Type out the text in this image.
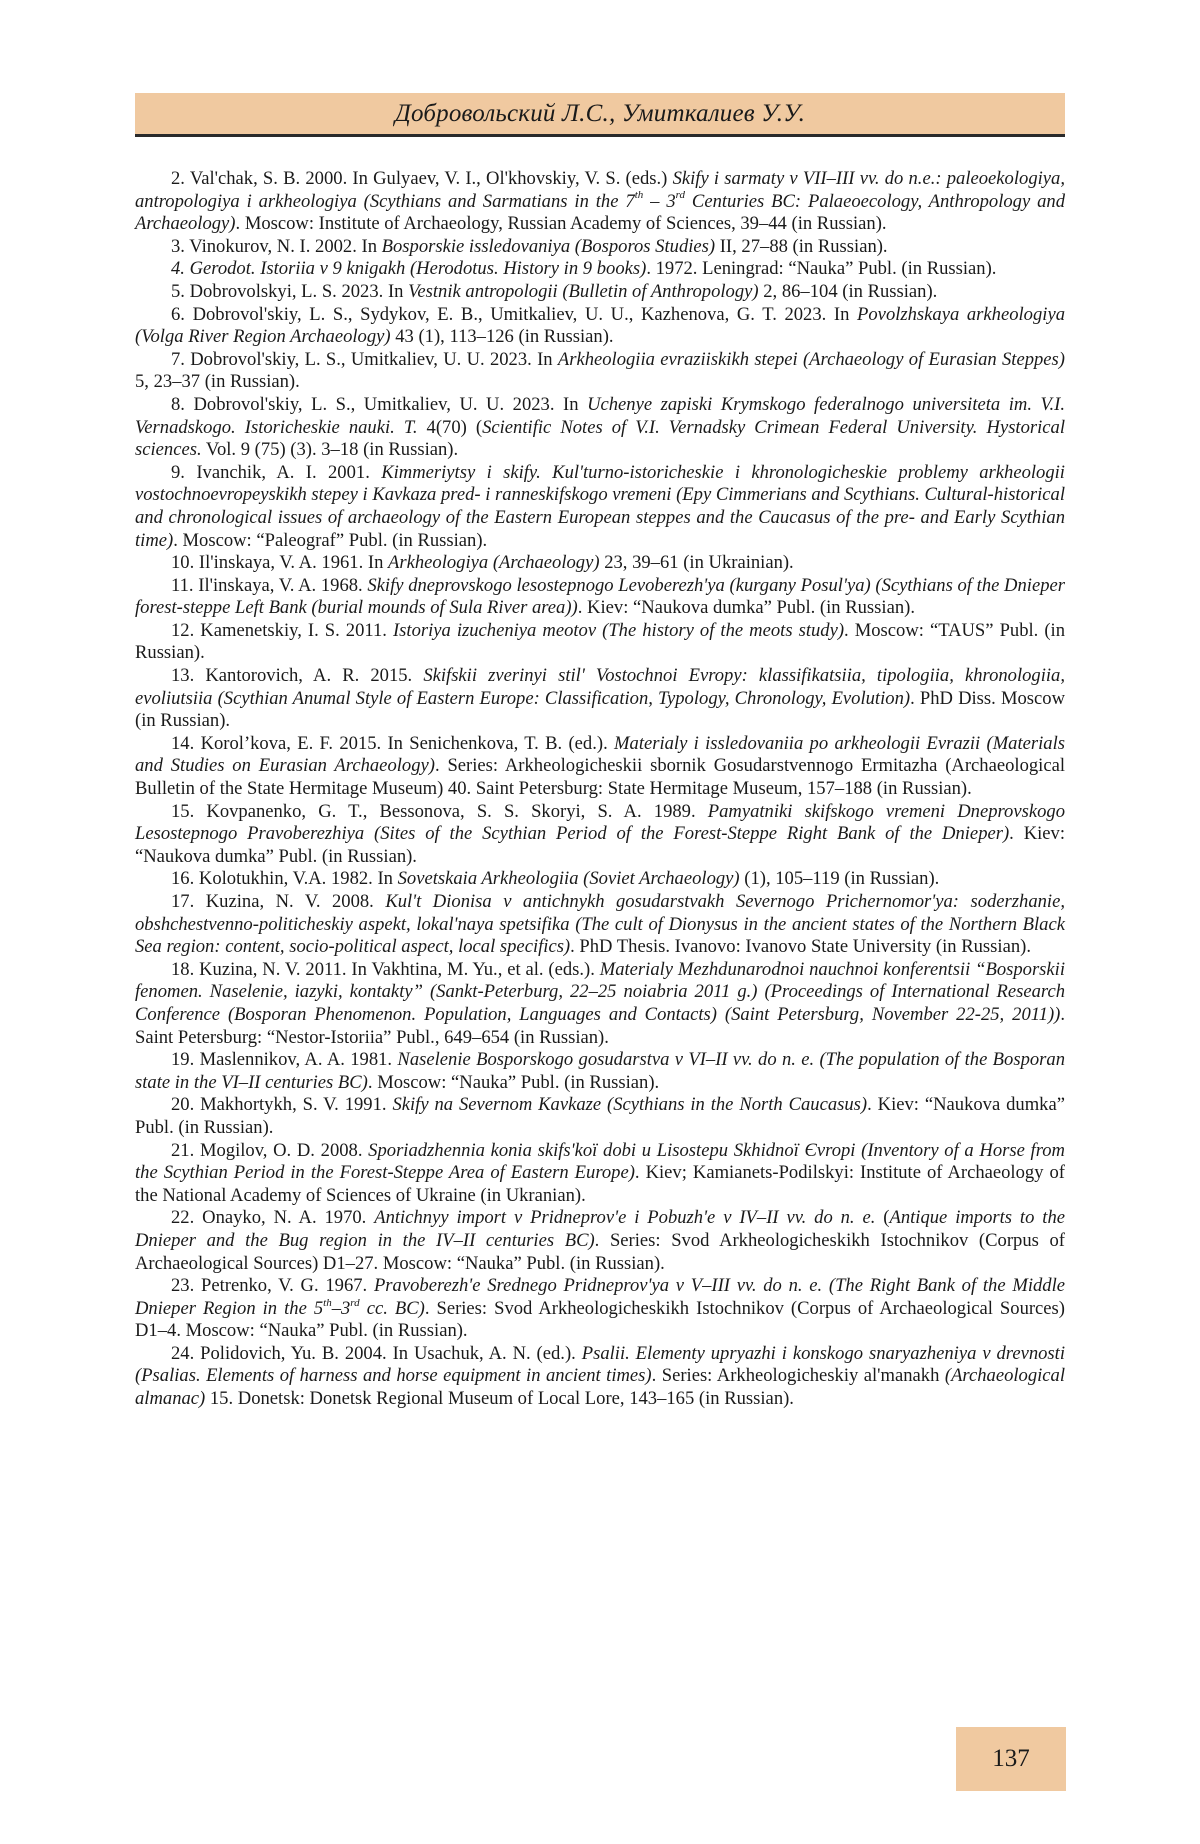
Добровольский Л.С., Умиткалиев У.У.

2. Val'chak, S. B. 2000. In Gulyaev, V. I., Ol'khovskiy, V. S. (eds.) Skify i sarmaty v VII–III vv. do n.e.: paleoekologiya, antropologiya i arkheologiya (Scythians and Sarmatians in the 7th – 3rd Centuries BC: Palaeoecology, Anthropology and Archaeology). Moscow: Institute of Archaeology, Russian Academy of Sciences, 39–44 (in Russian).

3. Vinokurov, N. I. 2002. In Bosporskie issledovaniya (Bosporos Studies) II, 27–88 (in Russian).

4. Gerodot. Istoriia v 9 knigakh (Herodotus. History in 9 books). 1972. Leningrad: “Nauka” Publ. (in Russian).

5. Dobrovolskyi, L. S. 2023. In Vestnik antropologii (Bulletin of Anthropology) 2, 86–104 (in Russian).

6. Dobrovol'skiy, L. S., Sydykov, E. B., Umitkaliev, U. U., Kazhenova, G. T. 2023. In Povolzhskaya arkheologiya (Volga River Region Archaeology) 43 (1), 113–126 (in Russian).

7. Dobrovol'skiy, L. S., Umitkaliev, U. U. 2023. In Arkheologiia evraziiskikh stepei (Archaeology of Eurasian Steppes) 5, 23–37 (in Russian).

8. Dobrovol'skiy, L. S., Umitkaliev, U. U. 2023. In Uchenye zapiski Krymskogo federalnogo universiteta im. V.I. Vernadskogo. Istoricheskie nauki. T. 4(70) (Scientific Notes of V.I. Vernadsky Crimean Federal University. Hystorical sciences. Vol. 9 (75) (3). 3–18 (in Russian).

9. Ivanchik, A. I. 2001. Kimmeriytsy i skify. Kul'turno-istoricheskie i khronologicheskie problemy arkheologii vostochnoevropeyskikh stepey i Kavkaza pred- i ranneskifskogo vremeni (Epy Cimmerians and Scythians. Cultural-historical and chronological issues of archaeology of the Eastern European steppes and the Caucasus of the pre- and Early Scythian time). Moscow: “Paleograf” Publ. (in Russian).

10. Il'inskaya, V. A. 1961. In Arkheologiya (Archaeology) 23, 39–61 (in Ukrainian).

11. Il'inskaya, V. A. 1968. Skify dneprovskogo lesostepnogo Levoberezh'ya (kurgany Posul'ya) (Scythians of the Dnieper forest-steppe Left Bank (burial mounds of Sula River area)). Kiev: “Naukova dumka” Publ. (in Russian).

12. Kamenetskiy, I. S. 2011. Istoriya izucheniya meotov (The history of the meots study). Moscow: “TAUS” Publ. (in Russian).

13. Kantorovich, A. R. 2015. Skifskii zverinyi stil' Vostochnoi Evropy: klassifikatsiia, tipologiia, khronologiia, evoliutsiia (Scythian Anumal Style of Eastern Europe: Classification, Typology, Chronology, Evolution). PhD Diss. Moscow (in Russian).

14. Korol’kova, E. F. 2015. In Senichenkova, T. B. (ed.). Materialy i issledovaniia po arkheologii Evrazii (Materials and Studies on Eurasian Archaeology). Series: Arkheologicheskii sbornik Gosudarstvennogo Ermitazha (Archaeological Bulletin of the State Hermitage Museum) 40. Saint Petersburg: State Hermitage Museum, 157–188 (in Russian).

15. Kovpanenko, G. T., Bessonova, S. S. Skoryi, S. A. 1989. Pamyatniki skifskogo vremeni Dneprovskogo Lesostepnogo Pravoberezhiya (Sites of the Scythian Period of the Forest-Steppe Right Bank of the Dnieper). Kiev: “Naukova dumka” Publ. (in Russian).

16. Kolotukhin, V.A. 1982. In Sovetskaia Arkheologiia (Soviet Archaeology) (1), 105–119 (in Russian).

17. Kuzina, N. V. 2008. Kul't Dionisa v antichnykh gosudarstvakh Severnogo Prichernomor'ya: soderzhanie, obshchestvenno-politicheskiy aspekt, lokal'naya spetsifika (The cult of Dionysus in the ancient states of the Northern Black Sea region: content, socio-political aspect, local specifics). PhD Thesis. Ivanovo: Ivanovo State University (in Russian).

18. Kuzina, N. V. 2011. In Vakhtina, M. Yu., et al. (eds.). Materialy Mezhdunarodnoi nauchnoi konferentsii “Bosporskii fenomen. Naselenie, iazyki, kontakty” (Sankt-Peterburg, 22–25 noiabria 2011 g.) (Proceedings of International Research Conference (Bosporan Phenomenon. Population, Languages and Contacts) (Saint Petersburg, November 22-25, 2011)). Saint Petersburg: “Nestor-Istoriia” Publ., 649–654 (in Russian).

19. Maslennikov, A. A. 1981. Naselenie Bosporskogo gosudarstva v VI–II vv. do n. e. (The population of the Bosporan state in the VI–II centuries BC). Moscow: “Nauka” Publ. (in Russian).

20. Makhortykh, S. V. 1991. Skify na Severnom Kavkaze (Scythians in the North Caucasus). Kiev: “Naukova dumka” Publ. (in Russian).

21. Mogilov, O. D. 2008. Sporiadzhennia konia skifs'koï dobi u Lisostepu Skhidnoï Єvropi (Inventory of a Horse from the Scythian Period in the Forest-Steppe Area of Eastern Europe). Kiev; Kamianets-Podilskyi: Institute of Archaeology of the National Academy of Sciences of Ukraine (in Ukranian).

22. Onayko, N. A. 1970. Antichnyy import v Pridneprov'e i Pobuzh'e v IV–II vv. do n. e. (Antique imports to the Dnieper and the Bug region in the IV–II centuries BC). Series: Svod Arkheologicheskikh Istochnikov (Corpus of Archaeological Sources) D1–27. Moscow: “Nauka” Publ. (in Russian).

23. Petrenko, V. G. 1967. Pravoberezh'e Srednego Pridneprov'ya v V–III vv. do n. e. (The Right Bank of the Middle Dnieper Region in the 5th–3rd cc. BC). Series: Svod Arkheologicheskikh Istochnikov (Corpus of Archaeological Sources) D1–4. Moscow: “Nauka” Publ. (in Russian).

24. Polidovich, Yu. B. 2004. In Usachuk, A. N. (ed.). Psalii. Elementy upryazhi i konskogo snaryazheniya v drevnosti (Psalias. Elements of harness and horse equipment in ancient times). Series: Arkheologicheskiy al'manakh (Archaeological almanac) 15. Donetsk: Donetsk Regional Museum of Local Lore, 143–165 (in Russian).

137
